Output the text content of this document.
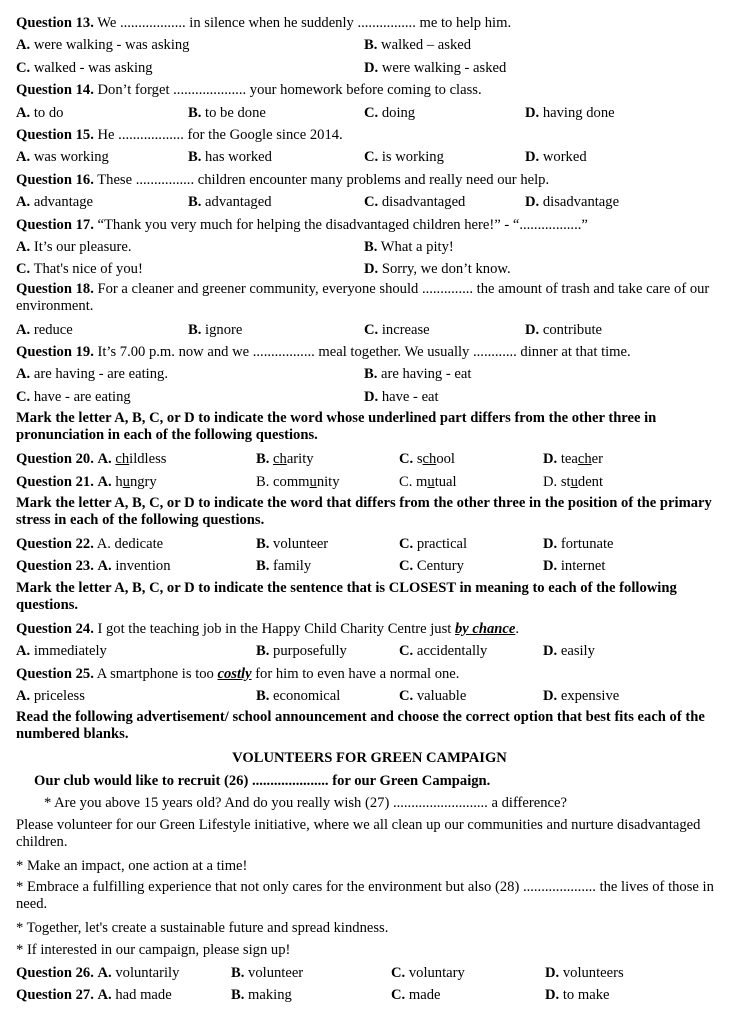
Question 13. We .................. in silence when he suddenly ................ me to help him.
A. were walking - was asking	B. walked – asked
C. walked - was asking	D. were walking - asked
Question 14. Don’t forget .................... your homework before coming to class.
A. to do	B. to be done	C. doing	D. having done
Question 15. He .................. for the Google since 2014.
A. was working	B. has worked	C. is working	D. worked
Question 16. These ................ children encounter many problems and really need our help.
A. advantage	B. advantaged	C. disadvantaged	D. disadvantage
Question 17. “Thank you very much for helping the disadvantaged children here!” - “.................”
A. It’s our pleasure.	B. What a pity!
C. That's nice of you!	D. Sorry, we don’t know.
Question 18. For a cleaner and greener community, everyone should .............. the amount of trash and take care of our environment.
A. reduce	B. ignore	C. increase	D. contribute
Question 19. It’s 7.00 p.m. now and we ................. meal together. We usually ............ dinner at that time.
A. are having - are eating.	B. are having - eat
C. have - are eating	D. have - eat
Mark the letter A, B, C, or D to indicate the word whose underlined part differs from the other three in pronunciation in each of the following questions.
Question 20. A. childless	B. charity	C. school	D. teacher
Question 21. A. hungry	B. community	C. mutual	D. student
Mark the letter A, B, C, or D to indicate the word that differs from the other three in the position of the primary stress in each of the following questions.
Question 22. A. dedicate	B. volunteer	C. practical	D. fortunate
Question 23. A. invention	B. family	C. Century	D. internet
Mark the letter A, B, C, or D to indicate the sentence that is CLOSEST in meaning to each of the following questions.
Question 24. I got the teaching job in the Happy Child Charity Centre just by chance.
A. immediately	B. purposefully	C. accidentally	D. easily
Question 25. A smartphone is too costly for him to even have a normal one.
A. priceless	B. economical	C. valuable	D. expensive
Read the following advertisement/ school announcement and choose the correct option that best fits each of the numbered blanks.
VOLUNTEERS FOR GREEN CAMPAIGN
Our club would like to recruit (26) ..................... for our Green Campaign.
* Are you above 15 years old? And do you really wish (27) .......................... a difference?
Please volunteer for our Green Lifestyle initiative, where we all clean up our communities and nurture disadvantaged children.
* Make an impact, one action at a time!
* Embrace a fulfilling experience that not only cares for the environment but also (28) .................... the lives of those in need.
* Together, let's create a sustainable future and spread kindness.
* If interested in our campaign, please sign up!
Question 26. A. voluntarily	B. volunteer	C. voluntary	D. volunteers
Question 27. A. had made	B. making	C. made	D. to make
